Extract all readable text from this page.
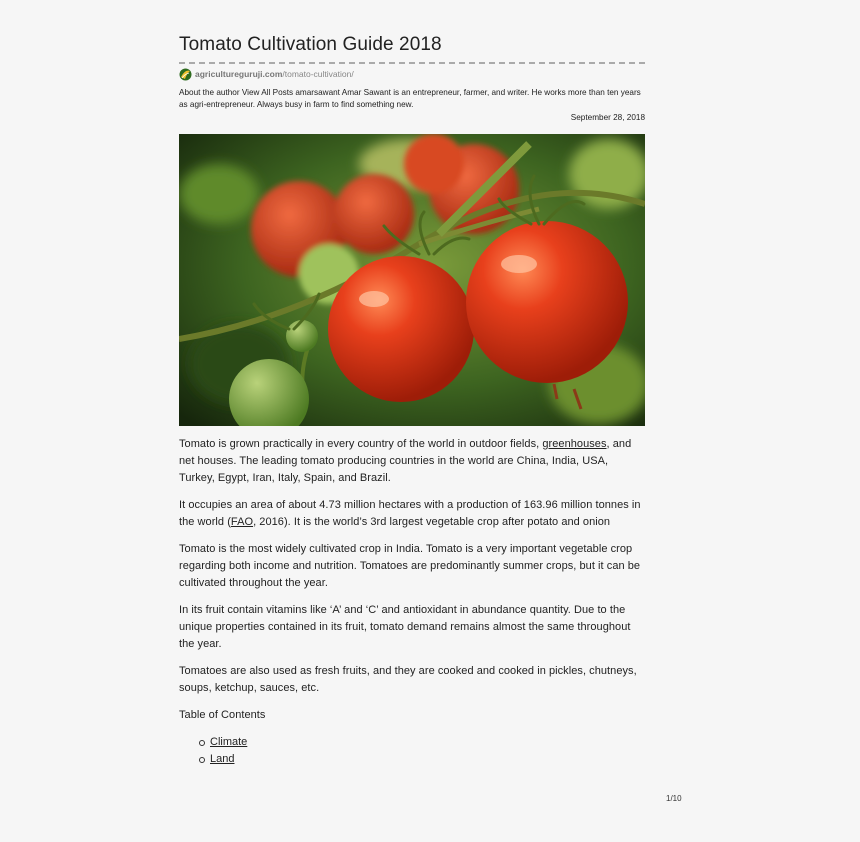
Tomato Cultivation Guide 2018
agricultureguruji.com /tomato-cultivation/

About the author View All Posts amarsawant Amar Sawant is an entrepreneur, farmer, and writer. He works more than ten years as agri-entrepreneur. Always busy in farm to find something new.

September 28, 2018

Tomato is grown practically in every country of the world in outdoor fields, greenhouses, and net houses. The leading tomato producing countries in the world are China, India, USA, Turkey, Egypt, Iran, Italy, Spain, and Brazil.

It occupies an area of about 4.73 million hectares with a production of 163.96 million tonnes in the world (FAO, 2016). It is the world’s 3rd largest vegetable crop after potato and onion

Tomato is the most widely cultivated crop in India. Tomato is a very important vegetable crop regarding both income and nutrition. Tomatoes are predominantly summer crops, but it can be cultivated throughout the year.

In its fruit contain vitamins like ‘A’ and ‘C’ and antioxidant in abundance quantity. Due to the unique properties contained in its fruit, tomato demand remains almost the same throughout the year.

Tomatoes are also used as fresh fruits, and they are cooked and cooked in pickles, chutneys, soups, ketchup, sauces, etc.

Table of Contents

Climate
Land
1/10
